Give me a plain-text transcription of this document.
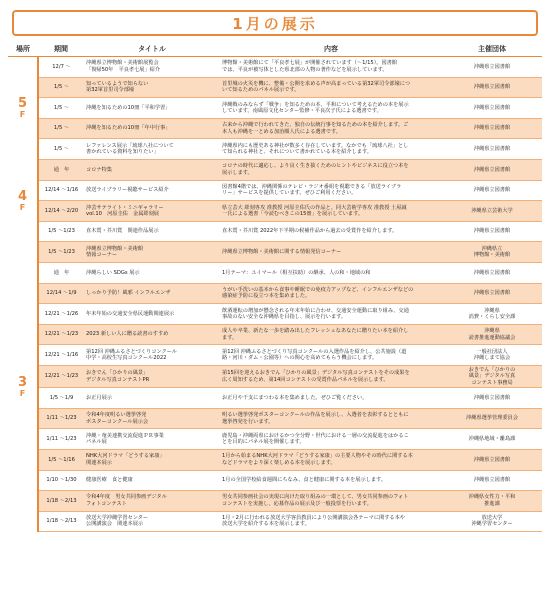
1月の展示
場所	期間	タイトル	内容	主催団体

5
F	12/7 ～	沖縄県立博物館・美術館展覧会
「復帰50年　平良孝七展」紹介	博物館・美術館にて「平良孝七展」が開催されています（～1/15）。図書館
では、平良が被写体とした県北部の人物の著作などを展示しています。	沖縄県立図書館

	1/5 ～	知っているようで知らない
第32軍首里司令部壕	首里城の火災を機に、整備・公開を求める声が高まっている第32軍司令部壕につ
いて知るためのパネル展示です。	沖縄県立図書館

	1/5 ～	沖縄を知るための10冊「平和学習」	沖縄戦のみならず「戦争」を知るための本、平和について考えるための本を展示
しています。南風原文化センター監修・平良次子氏による選書です。	沖縄県立図書館

	1/5 ～	沖縄を知るための10冊「年中行事」	古来から沖縄で行われてきた、独自の伝統行事を知るための本を紹介します。ご
本人も沖縄を一とめる加治順人氏による選書です。	沖縄県立図書館

	1/5 ～	レファレンス展示「琉球八社について
書かれている資料を知りたい」	沖縄県内にも歴史ある神社が数多く存在しています。なかでも「琉球八社」とし
て知られる神社と、それについて書かれている本を紹介します。	沖縄県立図書館

4
F	通　年	コロナ特集	コロナの時代に適応し、より良く生き抜くためのヒントやビジネスに役立つ本を
展示します。	沖縄県立図書館

	12/14 ～1/16	放送ライブラリー視聴サービス紹介	図書館4階では、沖縄関係のテレビ・ラジオ番組を視聴できる「放送ライブラ
リー」サービスを提供しています。ぜひご利用ください。	沖縄県立図書館

	12/14 ～2/20	沖芸サテライト・ミニギャラリー
vol.10　河原圭佑　金属彫刻展	県立芸大 彫刻専攻 准教授 河原圭佑氏の作品と、同大芸術学専攻 准教授 土屋誠
一氏による選書「今読むべきこの15冊」を展示しています。	沖縄県立芸術大学

	1/5 ～1/23	直木賞・芥川賞　関連作品展示	直木賞・芥川賞 2022年下半期の候補作品から過去の受賞作を紹介します。	沖縄県立図書館

3
F	1/5 ～1/23	沖縄県立博物館・美術館
情報コーナー	沖縄県立博物館・美術館に関する情報発信コーナー	沖縄県立
博物館・美術館

	通　年	沖縄らしい SDGs 展示	1月テーマ：ユイマール（相互扶助）の継承、人の和・地域の和	沖縄県立図書館

	12/14 ～1/9	しっかり予防！風邪 インフルエンザ	うがい手洗いの基本から食事や睡眠での免疫力アップなど、インフルエンザなどの
感染症予防に役立つ本を集めました。	沖縄県立図書館

	12/21 ～1/26	年末年始の交通安全県民運動関連展示	飲酒運転の増加が懸念される年末年始に合わせ、交通安全運動に取り組み、交通
事故のない安全な沖縄県を目指し、展示を行います。	沖縄県
消費・くらし安全課

	12/21 ～1/23	2023 新しい人に贈る読書のすすめ	成人や卒業、新たな一歩を踏み出したフレッシュなあなたに贈りたい本を紹介し
ます。	沖縄県
読書推進運動協議会

	12/21 ～1/16	第12回 沖縄ふるさとづくりコンクール
中学・高校生写真コンクール2022	第12回 沖縄ふるさとづくり写真コンクールの入選作品を紹介し、公共施設（道
路・河川・ダム・公園等）への関心を高めてもらう機会にします。	一般社団法人
沖縄しまて協会

	12/21 ～1/23	おきでん「ひかりの風景」
デジタル写真コンテストPR	第15回を迎えるおきでん「ひかりの風景」デジタル写真コンテストをその成果を
広く周知するため、第14回コンテストの受賞作品パネルを展示します。	おきでん「ひかりの
風景」デジタル写真
コンテスト事務局

	1/5 ～1/9	お正月展示	お正月や干支にまつわる本を集めました。ぜひご覧ください。	沖縄県立図書館

	1/11 ～1/23	令和4年度明るい選挙啓発
ポスターコンクール展示会	明るい選挙啓発ポスターコンクールの作品を展示し、入選者を表彰するとともに
選挙啓発を行います。	沖縄県選挙管理委員会

	1/11 ～1/23	沖縄・奄美連携交流促進ＰＲ事業
パネル展	鹿児島・沖縄両県におけるかつ全分野・世代における一層の交流促進をはかるこ
とを目的にパネル展を開催します。	沖縄県地域・離島課

	1/5 ～1/16	NHK大河ドラマ「どうする家康」
関連本展示	1月から始まるNHK大河ドラマ「どうする家康」の主要人物やその時代に関する本
などドラマをより深く楽しめる本を展示します。	沖縄県立図書館

	1/10 ～1/30	健康医療　食と健康	1月の全国学校給食週間にちなみ、食と健康に関する本を展示します。	沖縄県立図書館

	1/18 ～2/13	令和4年度　男女共同参画デジタル
フォトコンテスト	男女共同参画社会の実現に向けた取り組みの一環として、男女共同参画のフォト
コンテストを実施し、応募作品の展示及び一般投票を行います。	沖縄県女性力・平和
推進課

	1/18 ～2/13	放送大学沖縄学習センター
公開講演会　関連本展示	1月・2月に行われる放送大学客員教員により公開講演会各テーマに関する本や
放送大学を紹介する本を展示します。	放送大学
沖縄学習センター
